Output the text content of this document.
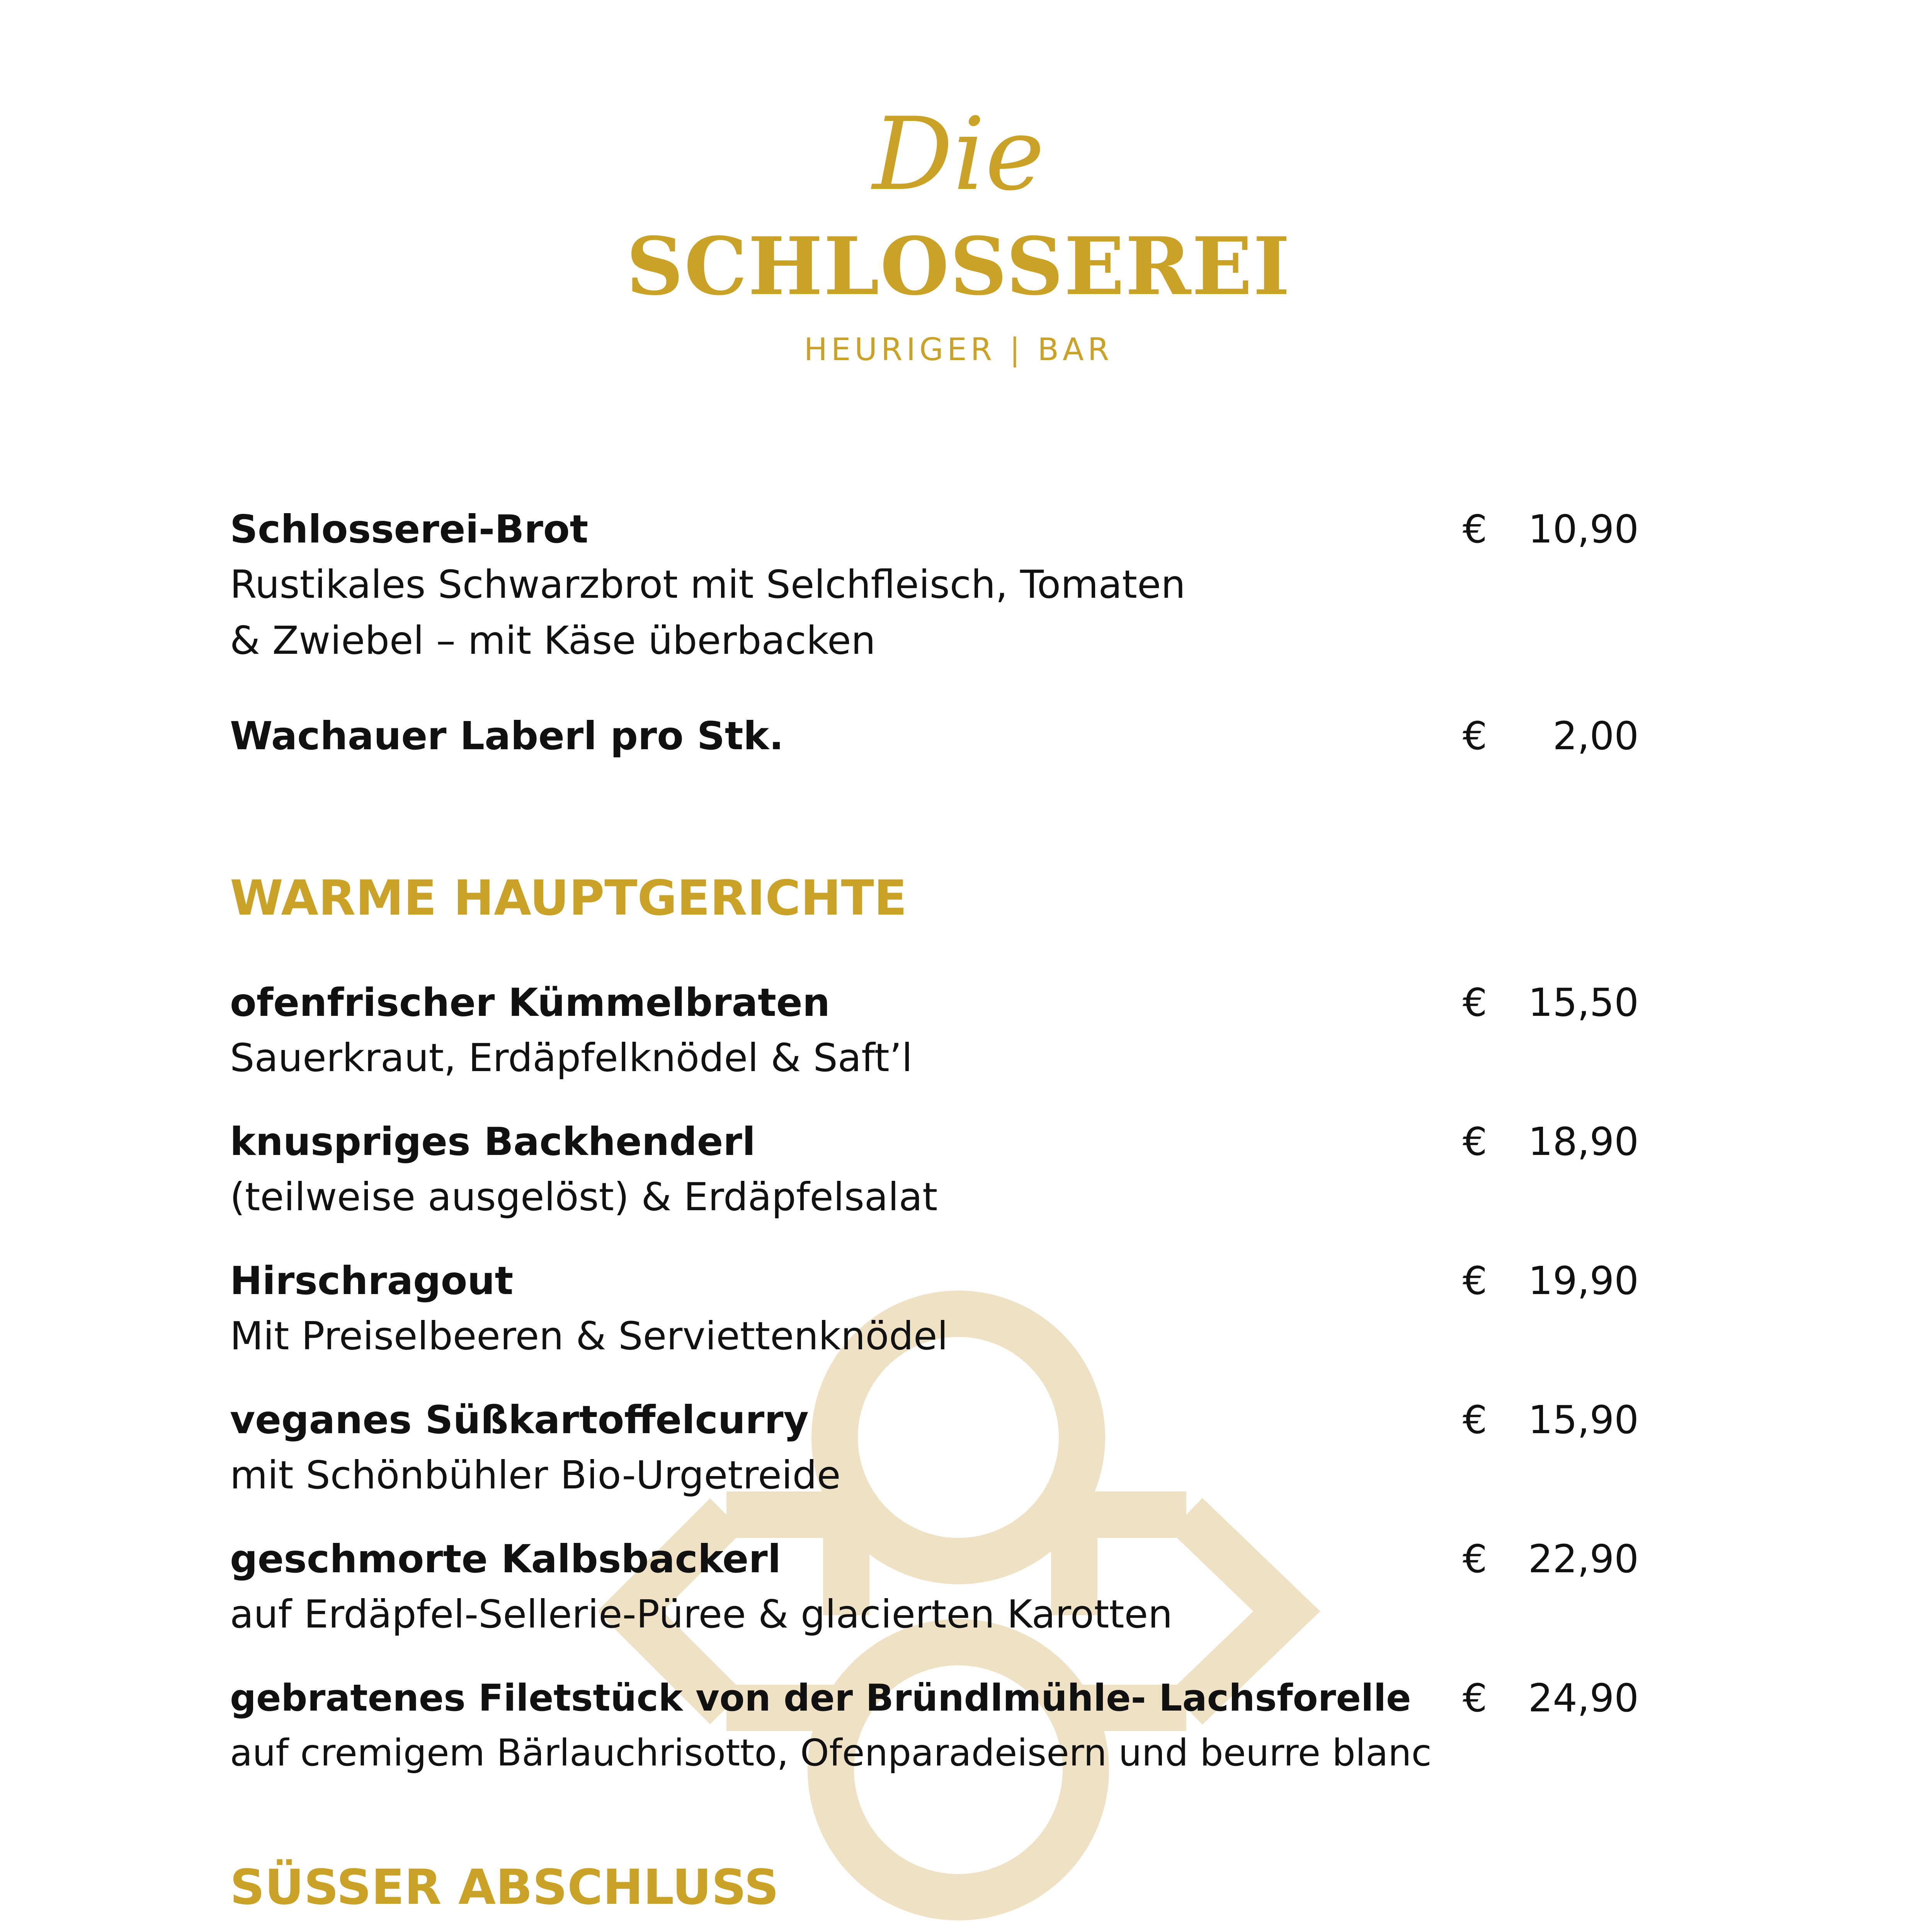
Die
SCHLOSSEREI
HEURIGER | BAR
Schlosserei-Brot
Rustikales Schwarzbrot mit Selchfleisch, Tomaten
& Zwiebel – mit Käse überbacken
€ 10,90
Wachauer Laberl pro Stk.	€ 2,00
WARME HAUPTGERICHTE
ofenfrischer Kümmelbraten
Sauerkraut, Erdäpfelknödel & Saft’l
€ 15,50
knuspriges Backhenderl
(teilweise ausgelöst) & Erdäpfelsalat
€ 18,90
Hirschragout
Mit Preiselbeeren & Serviettenknödel
€ 19,90
veganes Süßkartoffelcurry
mit Schönbühler Bio-Urgetreide
€ 15,90
geschmorte Kalbsbackerl
auf Erdäpfel-Sellerie-Püree & glacierten Karotten
€ 22,90
gebratenes Filetstück von der Bründlmühle- Lachsforelle
auf cremigem Bärlauchrisotto, Ofenparadeisern und beurre blanc
€ 24,90
SÜSSER ABSCHLUSS
